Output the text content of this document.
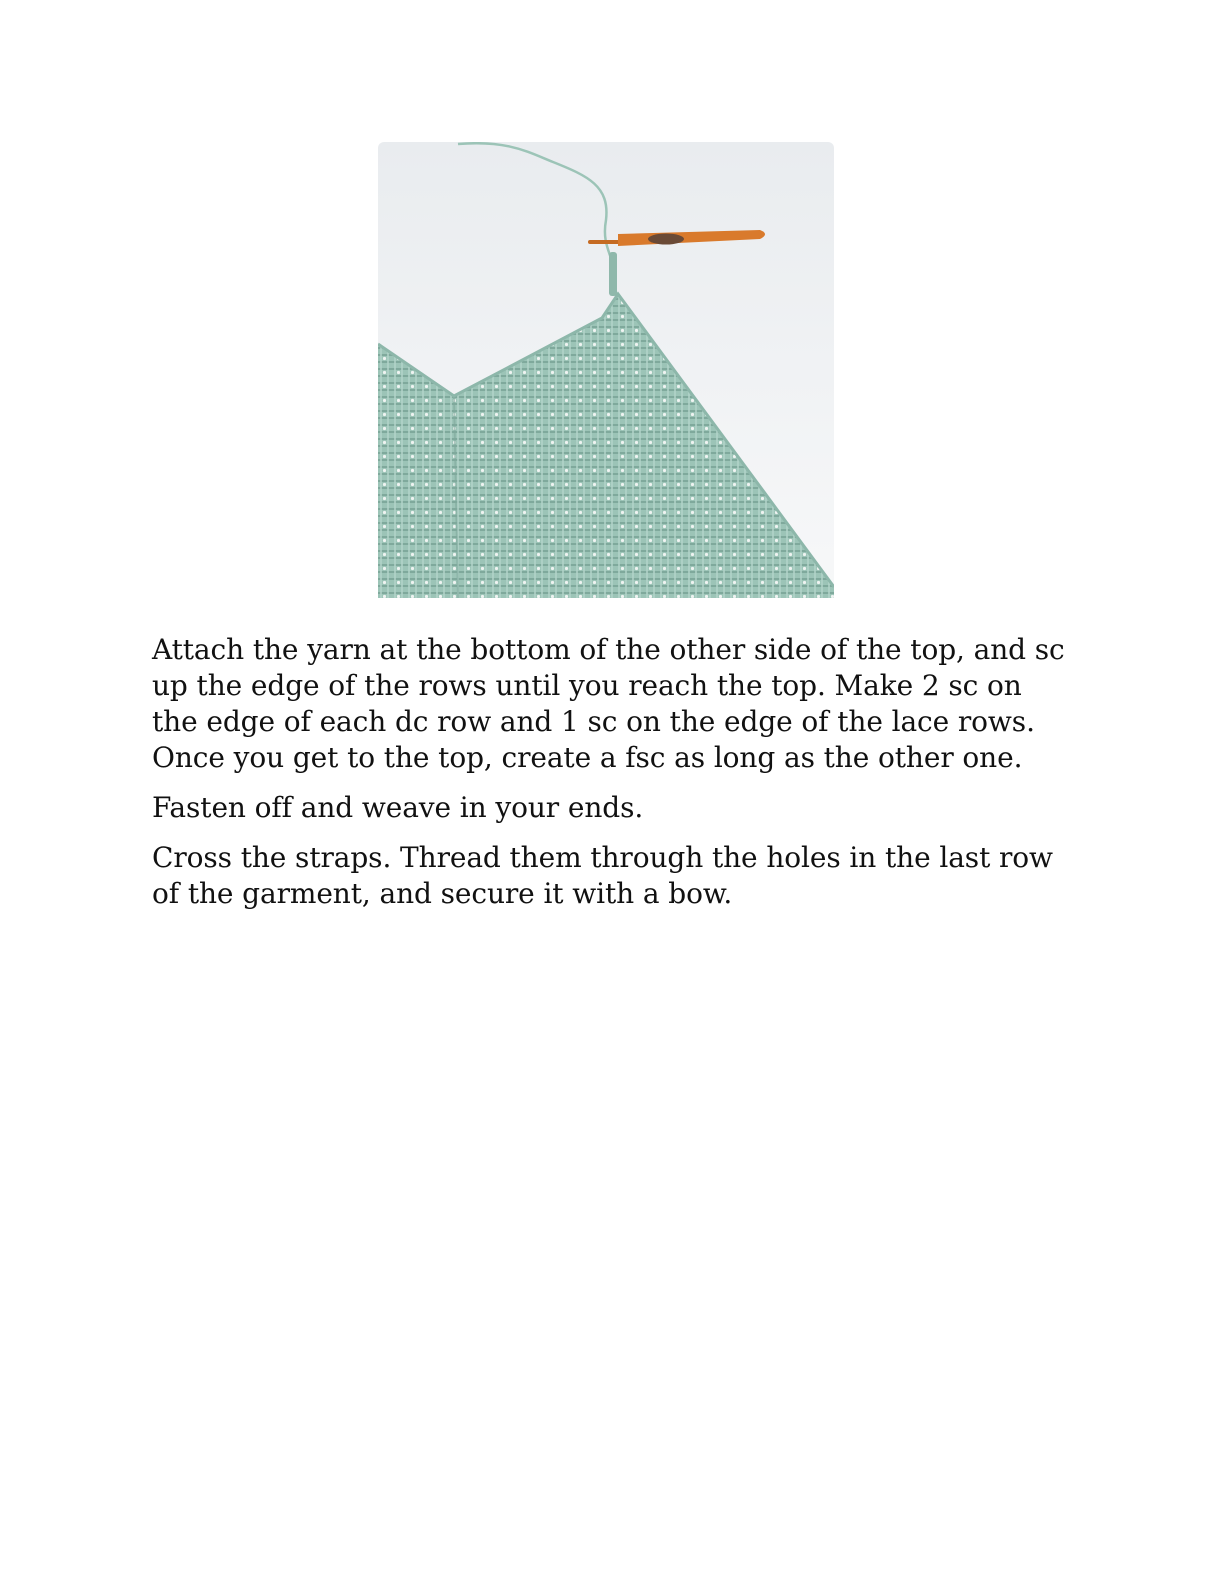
Attach the yarn at the bottom of the other side of the top, and sc up the edge of the rows until you reach the top. Make 2 sc on the edge of each dc row and 1 sc on the edge of the lace rows. Once you get to the top, create a fsc as long as the other one.

Fasten off and weave in your ends.

Cross the straps. Thread them through the holes in the last row of the garment, and secure it with a bow.
